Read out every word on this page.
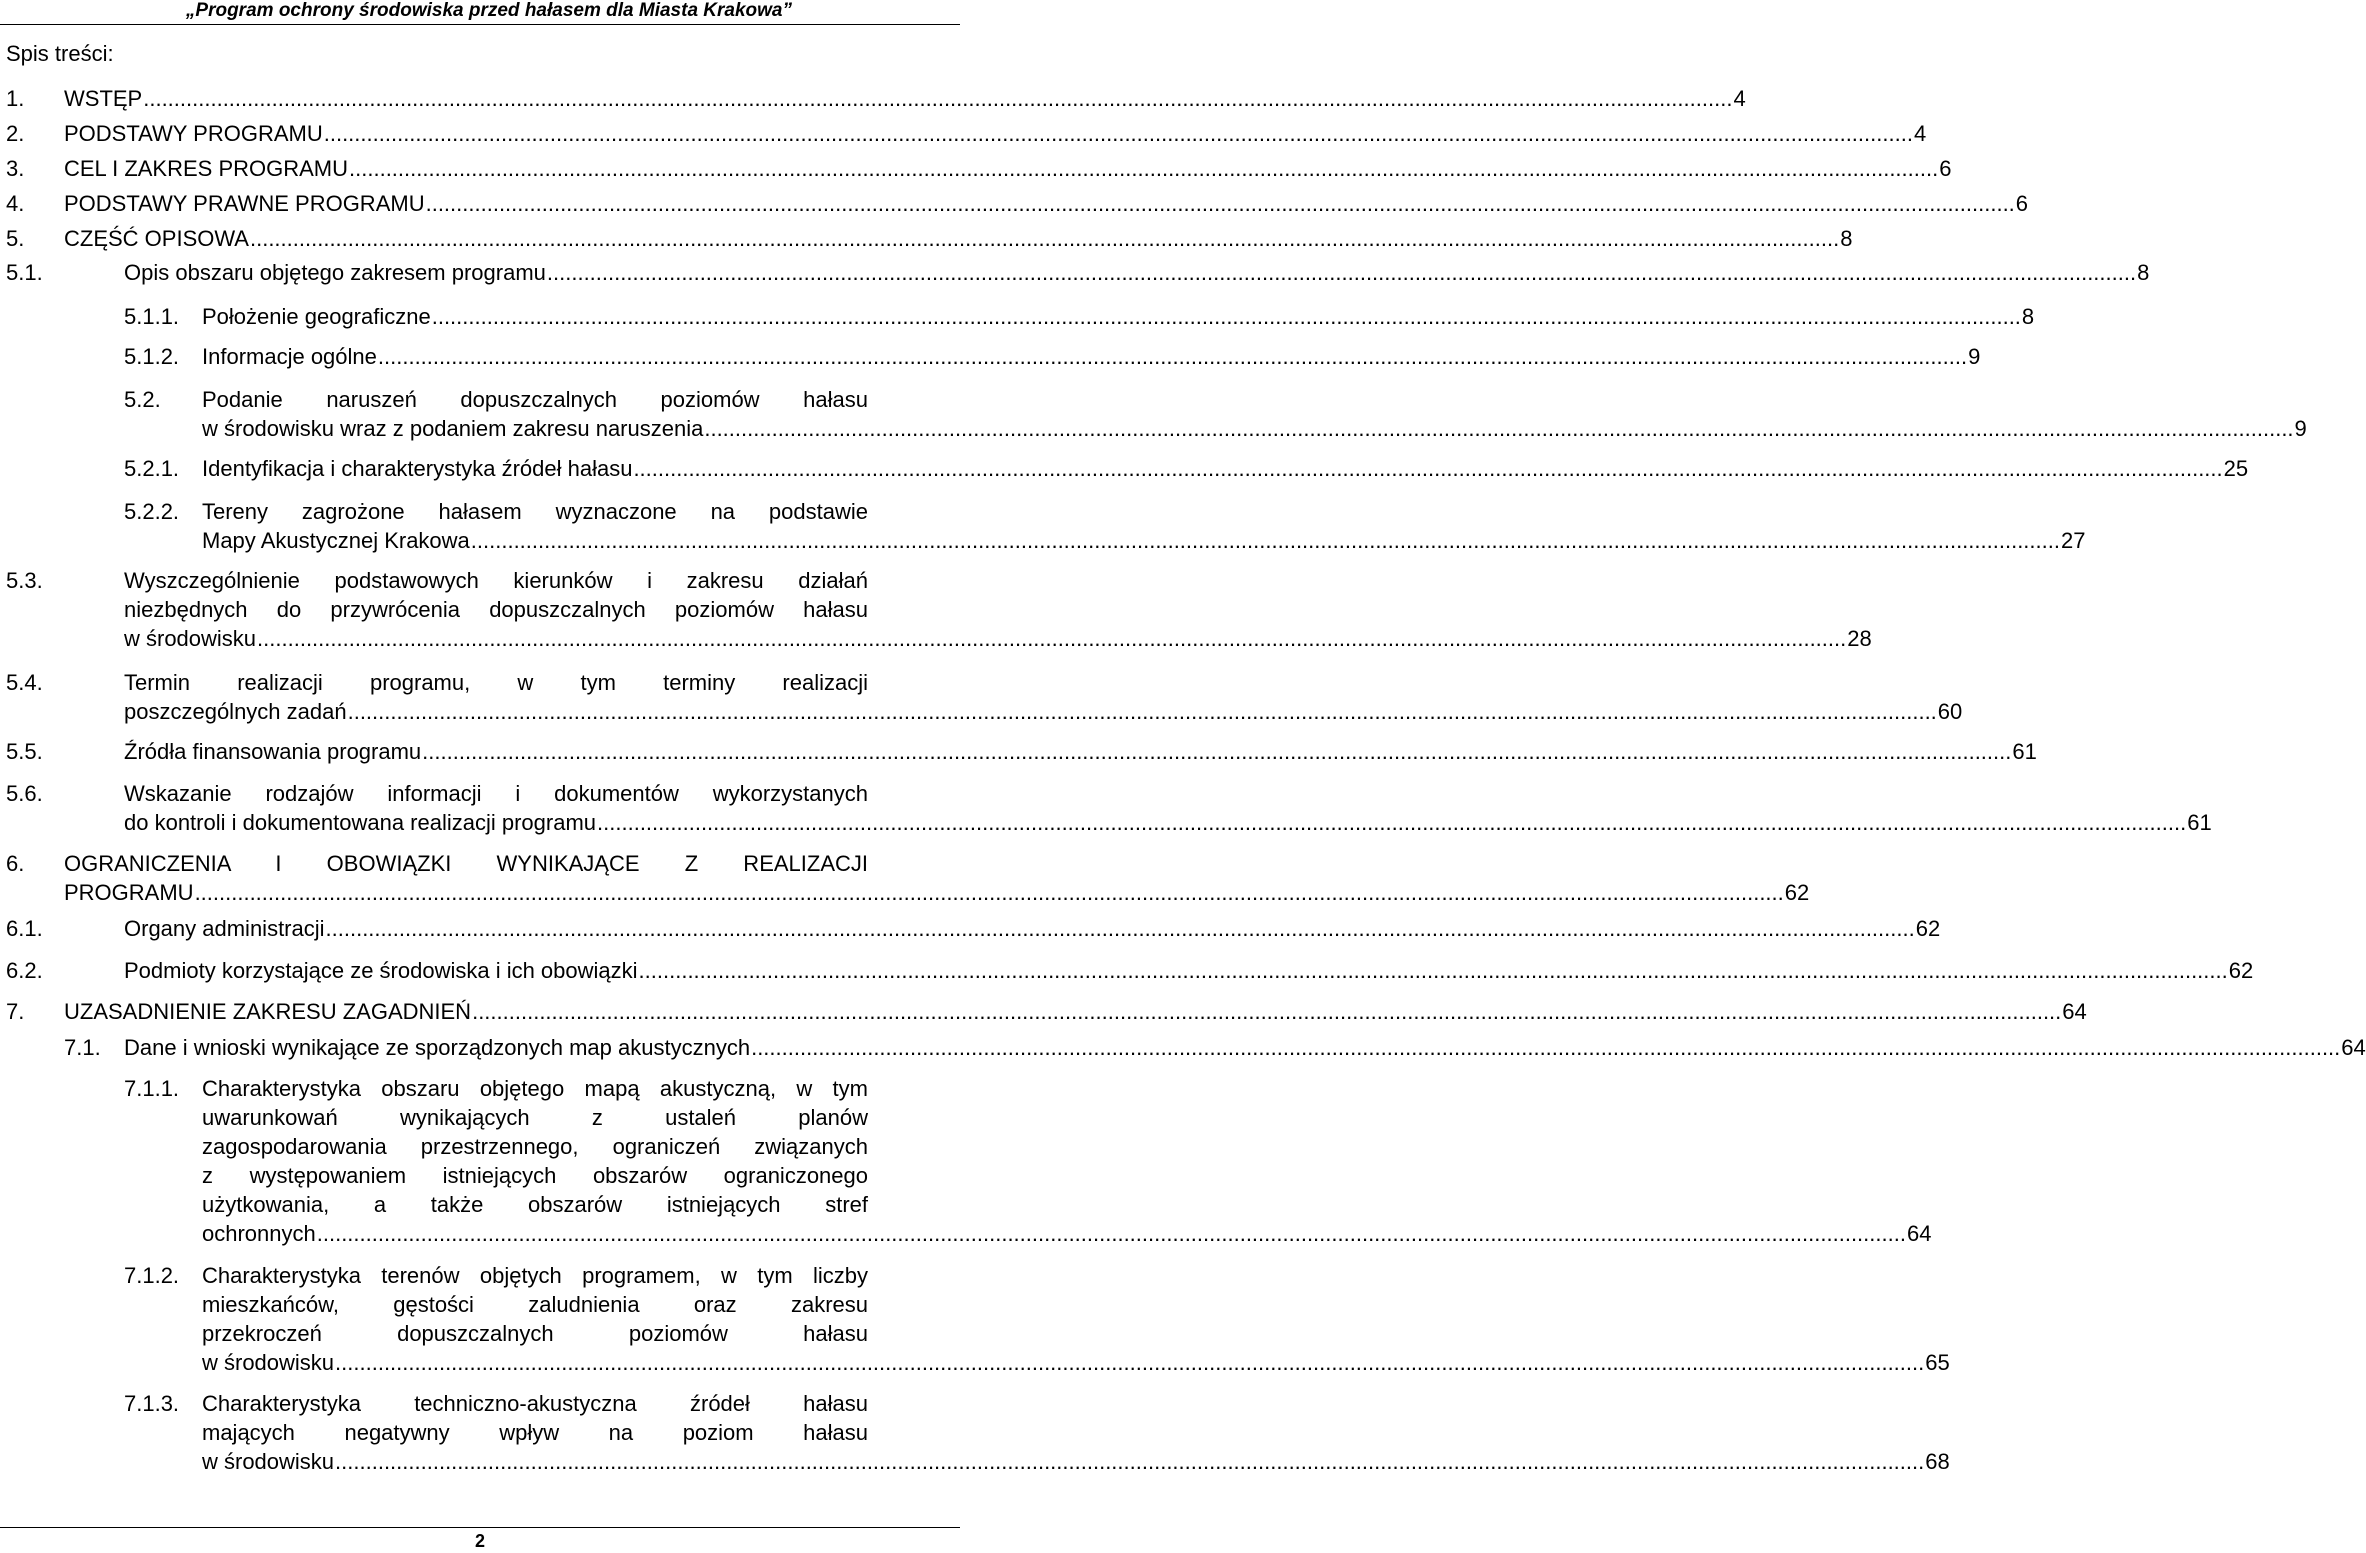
„Program ochrony środowiska przed hałasem dla Miasta Krakowa”
Spis treści:
1. WSTĘP .................................................................................................................................................................................................................................................................... 4
2. PODSTAWY PROGRAMU .................................................................................................................................................................................................................................................................... 4
3. CEL I ZAKRES PROGRAMU .................................................................................................................................................................................................................................................................... 6
4. PODSTAWY PRAWNE PROGRAMU .................................................................................................................................................................................................................................................................... 6
5. CZĘŚĆ OPISOWA .................................................................................................................................................................................................................................................................... 8
5.1.	Opis obszaru objętego zakresem programu .................................................................................................................................................................................................................................................................... 8
5.1.1. Położenie geograficzne .................................................................................................................................................................................................................................................................... 8
5.1.2. Informacje ogólne .................................................................................................................................................................................................................................................................... 9
5.2. Podanie naruszeń dopuszczalnych poziomów hałasu
w środowisku wraz z podaniem zakresu naruszenia .................................................................................................................................................................................................................................................................... 9
5.2.1. Identyfikacja i charakterystyka źródeł hałasu .................................................................................................................................................................................................................................................................... 25
5.2.2. Tereny zagrożone hałasem wyznaczone na podstawie
Mapy Akustycznej Krakowa .................................................................................................................................................................................................................................................................... 27
5.3.	Wyszczególnienie podstawowych kierunków i zakresu działań
niezbędnych do przywrócenia dopuszczalnych poziomów hałasu
w środowisku .................................................................................................................................................................................................................................................................... 28
5.4.	Termin realizacji programu, w tym terminy realizacji
poszczególnych zadań .................................................................................................................................................................................................................................................................... 60
5.5.	Źródła finansowania programu .................................................................................................................................................................................................................................................................... 61
5.6.	Wskazanie rodzajów informacji i dokumentów wykorzystanych
do kontroli i dokumentowana realizacji programu .................................................................................................................................................................................................................................................................... 61
6. OGRANICZENIA I OBOWIĄZKI WYNIKAJĄCE Z REALIZACJI
PROGRAMU .................................................................................................................................................................................................................................................................... 62
6.1.	Organy administracji .................................................................................................................................................................................................................................................................... 62
6.2.	Podmioty korzystające ze środowiska i ich obowiązki .................................................................................................................................................................................................................................................................... 62
7. UZASADNIENIE ZAKRESU ZAGADNIEŃ .................................................................................................................................................................................................................................................................... 64
7.1. Dane i wnioski wynikające ze sporządzonych map akustycznych .................................................................................................................................................................................................................................................................... 64
7.1.1. Charakterystyka obszaru objętego mapą akustyczną, w tym
uwarunkowań wynikających z ustaleń planów
zagospodarowania przestrzennego, ograniczeń związanych
z występowaniem istniejących obszarów ograniczonego
użytkowania, a także obszarów istniejących stref
ochronnych .................................................................................................................................................................................................................................................................... 64
7.1.2. Charakterystyka terenów objętych programem, w tym liczby
mieszkańców, gęstości zaludnienia oraz zakresu
przekroczeń dopuszczalnych poziomów hałasu
w środowisku .................................................................................................................................................................................................................................................................... 65
7.1.3. Charakterystyka techniczno-akustyczna źródeł hałasu
mających negatywny wpływ na poziom hałasu
w środowisku .................................................................................................................................................................................................................................................................... 68
2
